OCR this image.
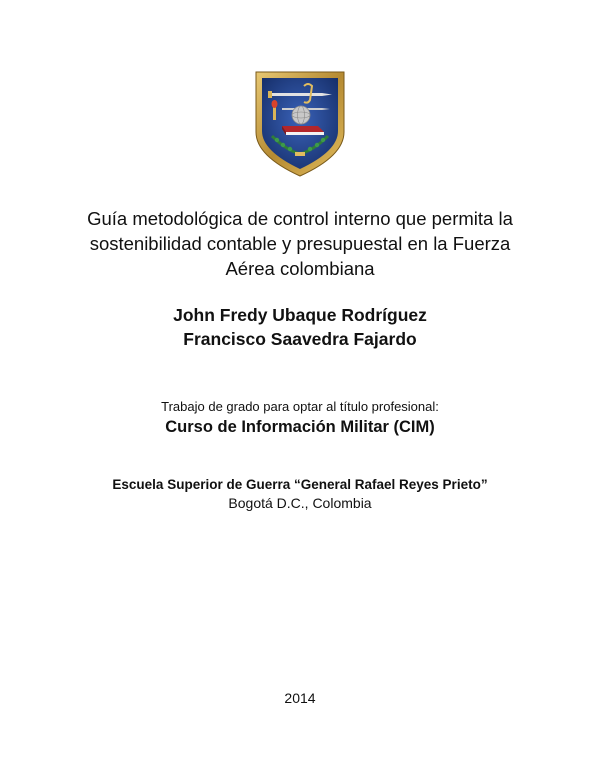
Guía metodológica de control interno que permita la
sostenibilidad contable y presupuestal en la Fuerza
Aérea colombiana
John Fredy Ubaque Rodríguez
Francisco Saavedra Fajardo
Trabajo de grado para optar al título profesional:
Curso de Información Militar (CIM)
Escuela Superior de Guerra “General Rafael Reyes Prieto”
Bogotá D.C., Colombia
2014
